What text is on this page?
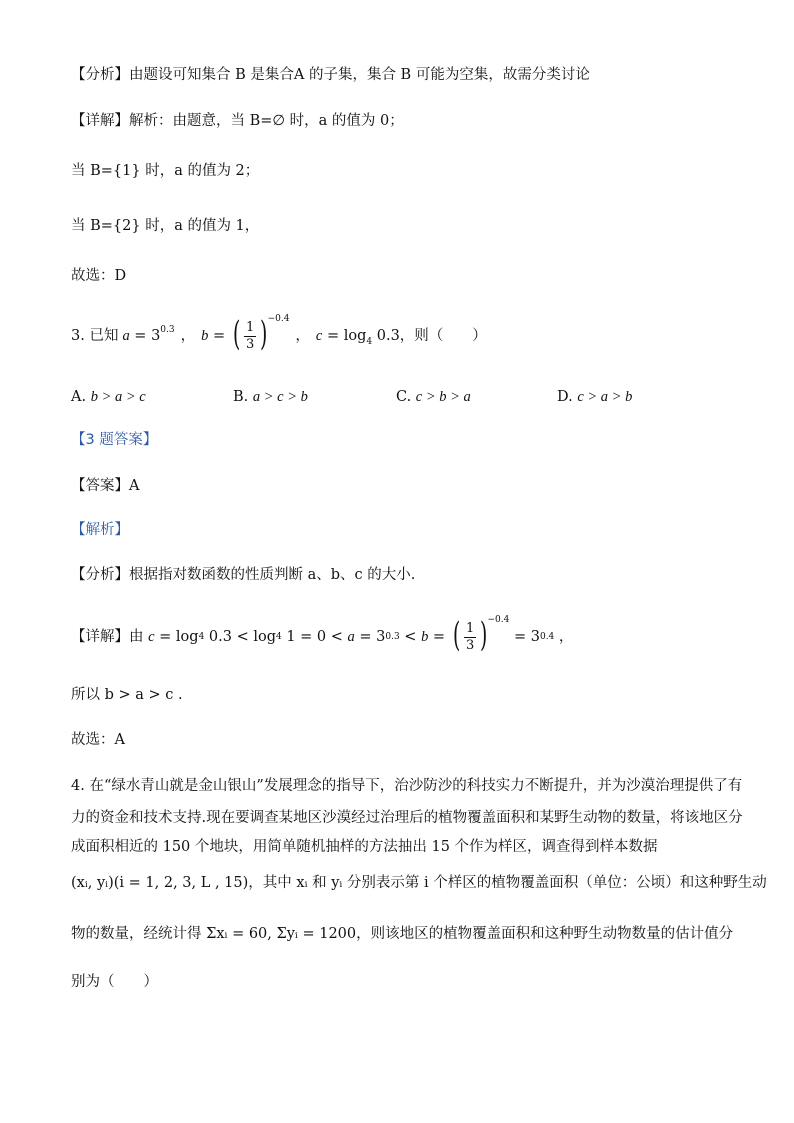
【分析】 由题设可知集合 B 是集合A 的子集，集合 B 可能为空集，故需分类讨论
【详解】 解析：由题意，当 B=∅ 时，a 的值为 0；
当 B={1} 时，a 的值为 2；
当 B={2} 时，a 的值为 1，
故选：D
3. 已知 $a = 3^{0.3}$ ， b = ( $\frac{1}{3}$ ) −0.4
， $c = \log_4 0.3$ ，则（　　）
A. b > a > c	B. a > c > b	C. c > b > a	D. c > a > b
【3 题答案】
【答案】 A
【解析】
【分析】 根据指对数函数的性质判断 a、b、c 的大小.
【详解】 由 c = log 4 0.3 < log 4 1 = 0 < a = 3 0.3 < b = ( $\frac{1}{3}$ ) −0.4
= 3 0.4 ，
所以 b > a > c .
故选：A
4. 在“绿水青山就是金山银山”发展理念的指导下，治沙防沙的科技实力不断提升，并为沙漠治理提供了有
力的资金和技术支持.现在要调查某地区沙漠经过治理后的植物覆盖面积和某野生动物的数量，将该地区分
成面积相近的 150 个地块，用简单随机抽样的方法抽出 15 个作为样区，调查得到样本数据
(xᵢ, yᵢ)(i = 1, 2, 3, L , 15)，其中 xᵢ 和 yᵢ 分别表示第 i 个样区的植物覆盖面积（单位：公顷）和这种野生动
物的数量，经统计得 Σxᵢ = 60, Σyᵢ = 1200，则该地区的植物覆盖面积和这种野生动物数量的估计值分
别为（　　）
